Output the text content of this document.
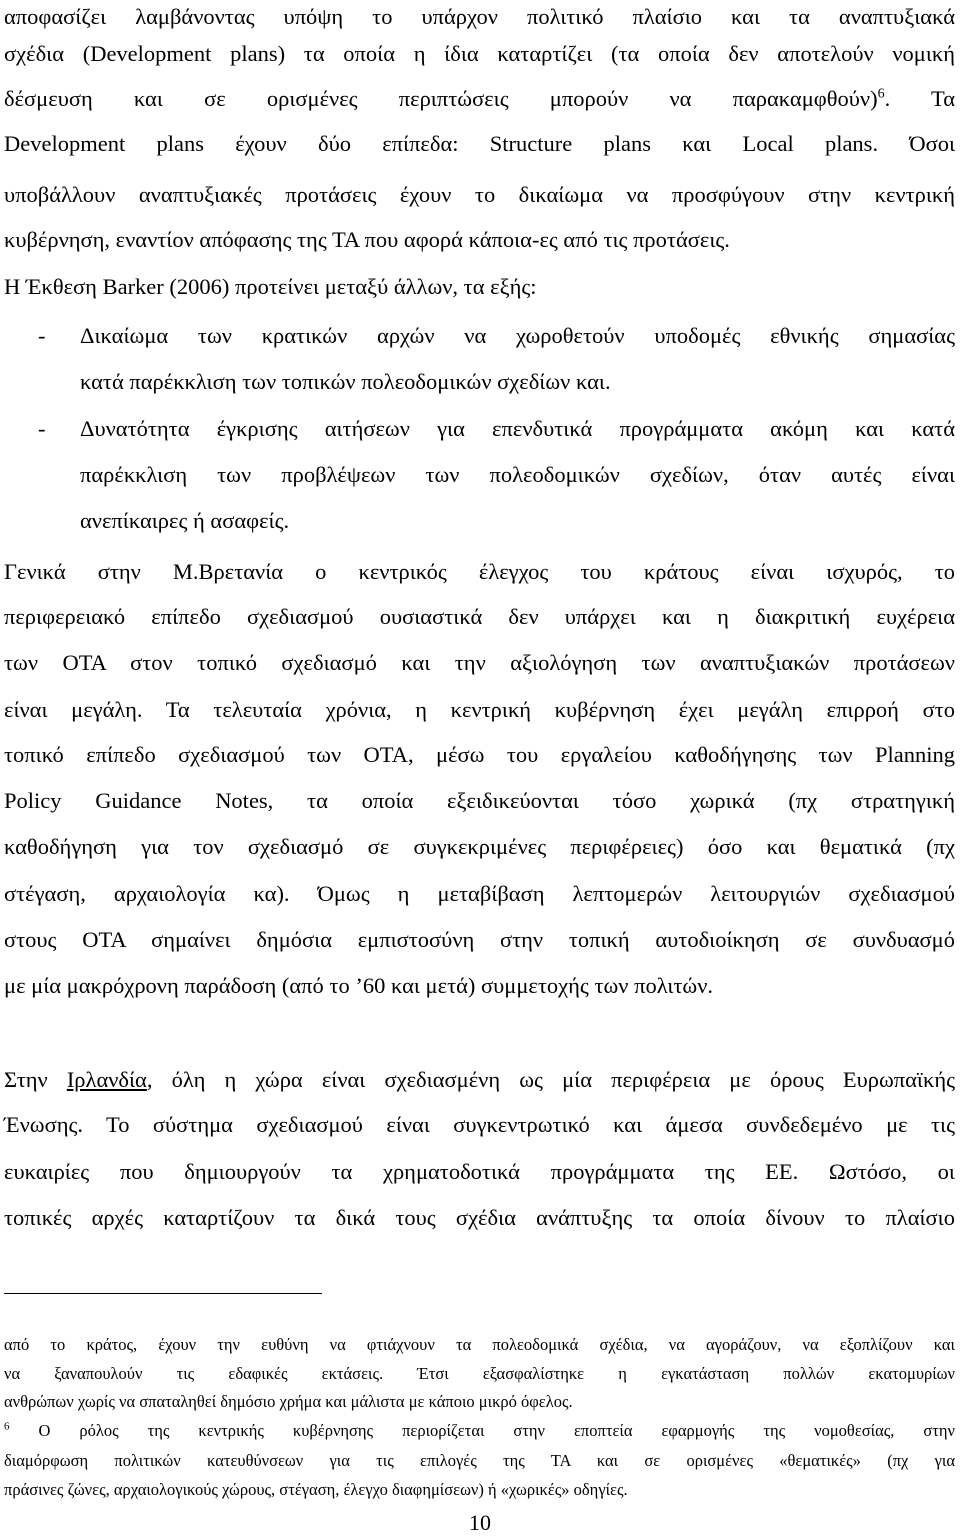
αποφασίζει λαμβάνοντας υπόψη το υπάρχον πολιτικό πλαίσιο και τα αναπτυξιακά
σχέδια (Development plans) τα οποία η ίδια καταρτίζει (τα οποία δεν αποτελούν νομική
δέσμευση και σε ορισμένες περιπτώσεις μπορούν να παρακαμφθούν)$^6$. Τα
Development plans έχουν δύο επίπεδα: Structure plans και Local plans. Όσοι
υποβάλλουν αναπτυξιακές προτάσεις έχουν το δικαίωμα να προσφύγουν στην κεντρική
κυβέρνηση, εναντίον απόφασης της ΤΑ που αφορά κάποια-ες από τις προτάσεις.
Η Έκθεση Barker (2006) προτείνει μεταξύ άλλων, τα εξής:
- Δικαίωμα των κρατικών αρχών να χωροθετούν υποδομές εθνικής σημασίας
κατά παρέκκλιση των τοπικών πολεοδομικών σχεδίων και.
- Δυνατότητα έγκρισης αιτήσεων για επενδυτικά προγράμματα ακόμη και κατά
παρέκκλιση των προβλέψεων των πολεοδομικών σχεδίων, όταν αυτές είναι
ανεπίκαιρες ή ασαφείς.
Γενικά στην Μ.Βρετανία ο κεντρικός έλεγχος του κράτους είναι ισχυρός, το
περιφερειακό επίπεδο σχεδιασμού ουσιαστικά δεν υπάρχει και η διακριτική ευχέρεια
των ΟΤΑ στον τοπικό σχεδιασμό και την αξιολόγηση των αναπτυξιακών προτάσεων
είναι μεγάλη. Τα τελευταία χρόνια, η κεντρική κυβέρνηση έχει μεγάλη επιρροή στο
τοπικό επίπεδο σχεδιασμού των ΟΤΑ, μέσω του εργαλείου καθοδήγησης των Planning
Policy Guidance Notes, τα οποία εξειδικεύονται τόσο χωρικά (πχ στρατηγική
καθοδήγηση για τον σχεδιασμό σε συγκεκριμένες περιφέρειες) όσο και θεματικά (πχ
στέγαση, αρχαιολογία κα). Όμως η μεταβίβαση λεπτομερών λειτουργιών σχεδιασμού
στους ΟΤΑ σημαίνει δημόσια εμπιστοσύνη στην τοπική αυτοδιοίκηση σε συνδυασμό
με μία μακρόχρονη παράδοση (από το ’60 και μετά) συμμετοχής των πολιτών.
Στην Ιρλανδία, όλη η χώρα είναι σχεδιασμένη ως μία περιφέρεια με όρους Ευρωπαϊκής
Ένωσης. Το σύστημα σχεδιασμού είναι συγκεντρωτικό και άμεσα συνδεδεμένο με τις
ευκαιρίες που δημιουργούν τα χρηματοδοτικά προγράμματα της ΕΕ. Ωστόσο, οι
τοπικές αρχές καταρτίζουν τα δικά τους σχέδια ανάπτυξης τα οποία δίνουν το πλαίσιο
από το κράτος, έχουν την ευθύνη να φτιάχνουν τα πολεοδομικά σχέδια, να αγοράζουν, να εξοπλίζουν και
να ξαναπουλούν τις εδαφικές εκτάσεις. Έτσι εξασφαλίστηκε η εγκατάσταση πολλών εκατομυρίων
ανθρώπων χωρίς να σπαταληθεί δημόσιο χρήμα και μάλιστα με κάποιο μικρό όφελος.
$^6$ Ο ρόλος της κεντρικής κυβέρνησης περιορίζεται στην εποπτεία εφαρμογής της νομοθεσίας, στην
διαμόρφωση πολιτικών κατευθύνσεων για τις επιλογές της ΤΑ και σε ορισμένες «θεματικές» (πχ για
πράσινες ζώνες, αρχαιολογικούς χώρους, στέγαση, έλεγχο διαφημίσεων) ή «χωρικές» οδηγίες.
10
